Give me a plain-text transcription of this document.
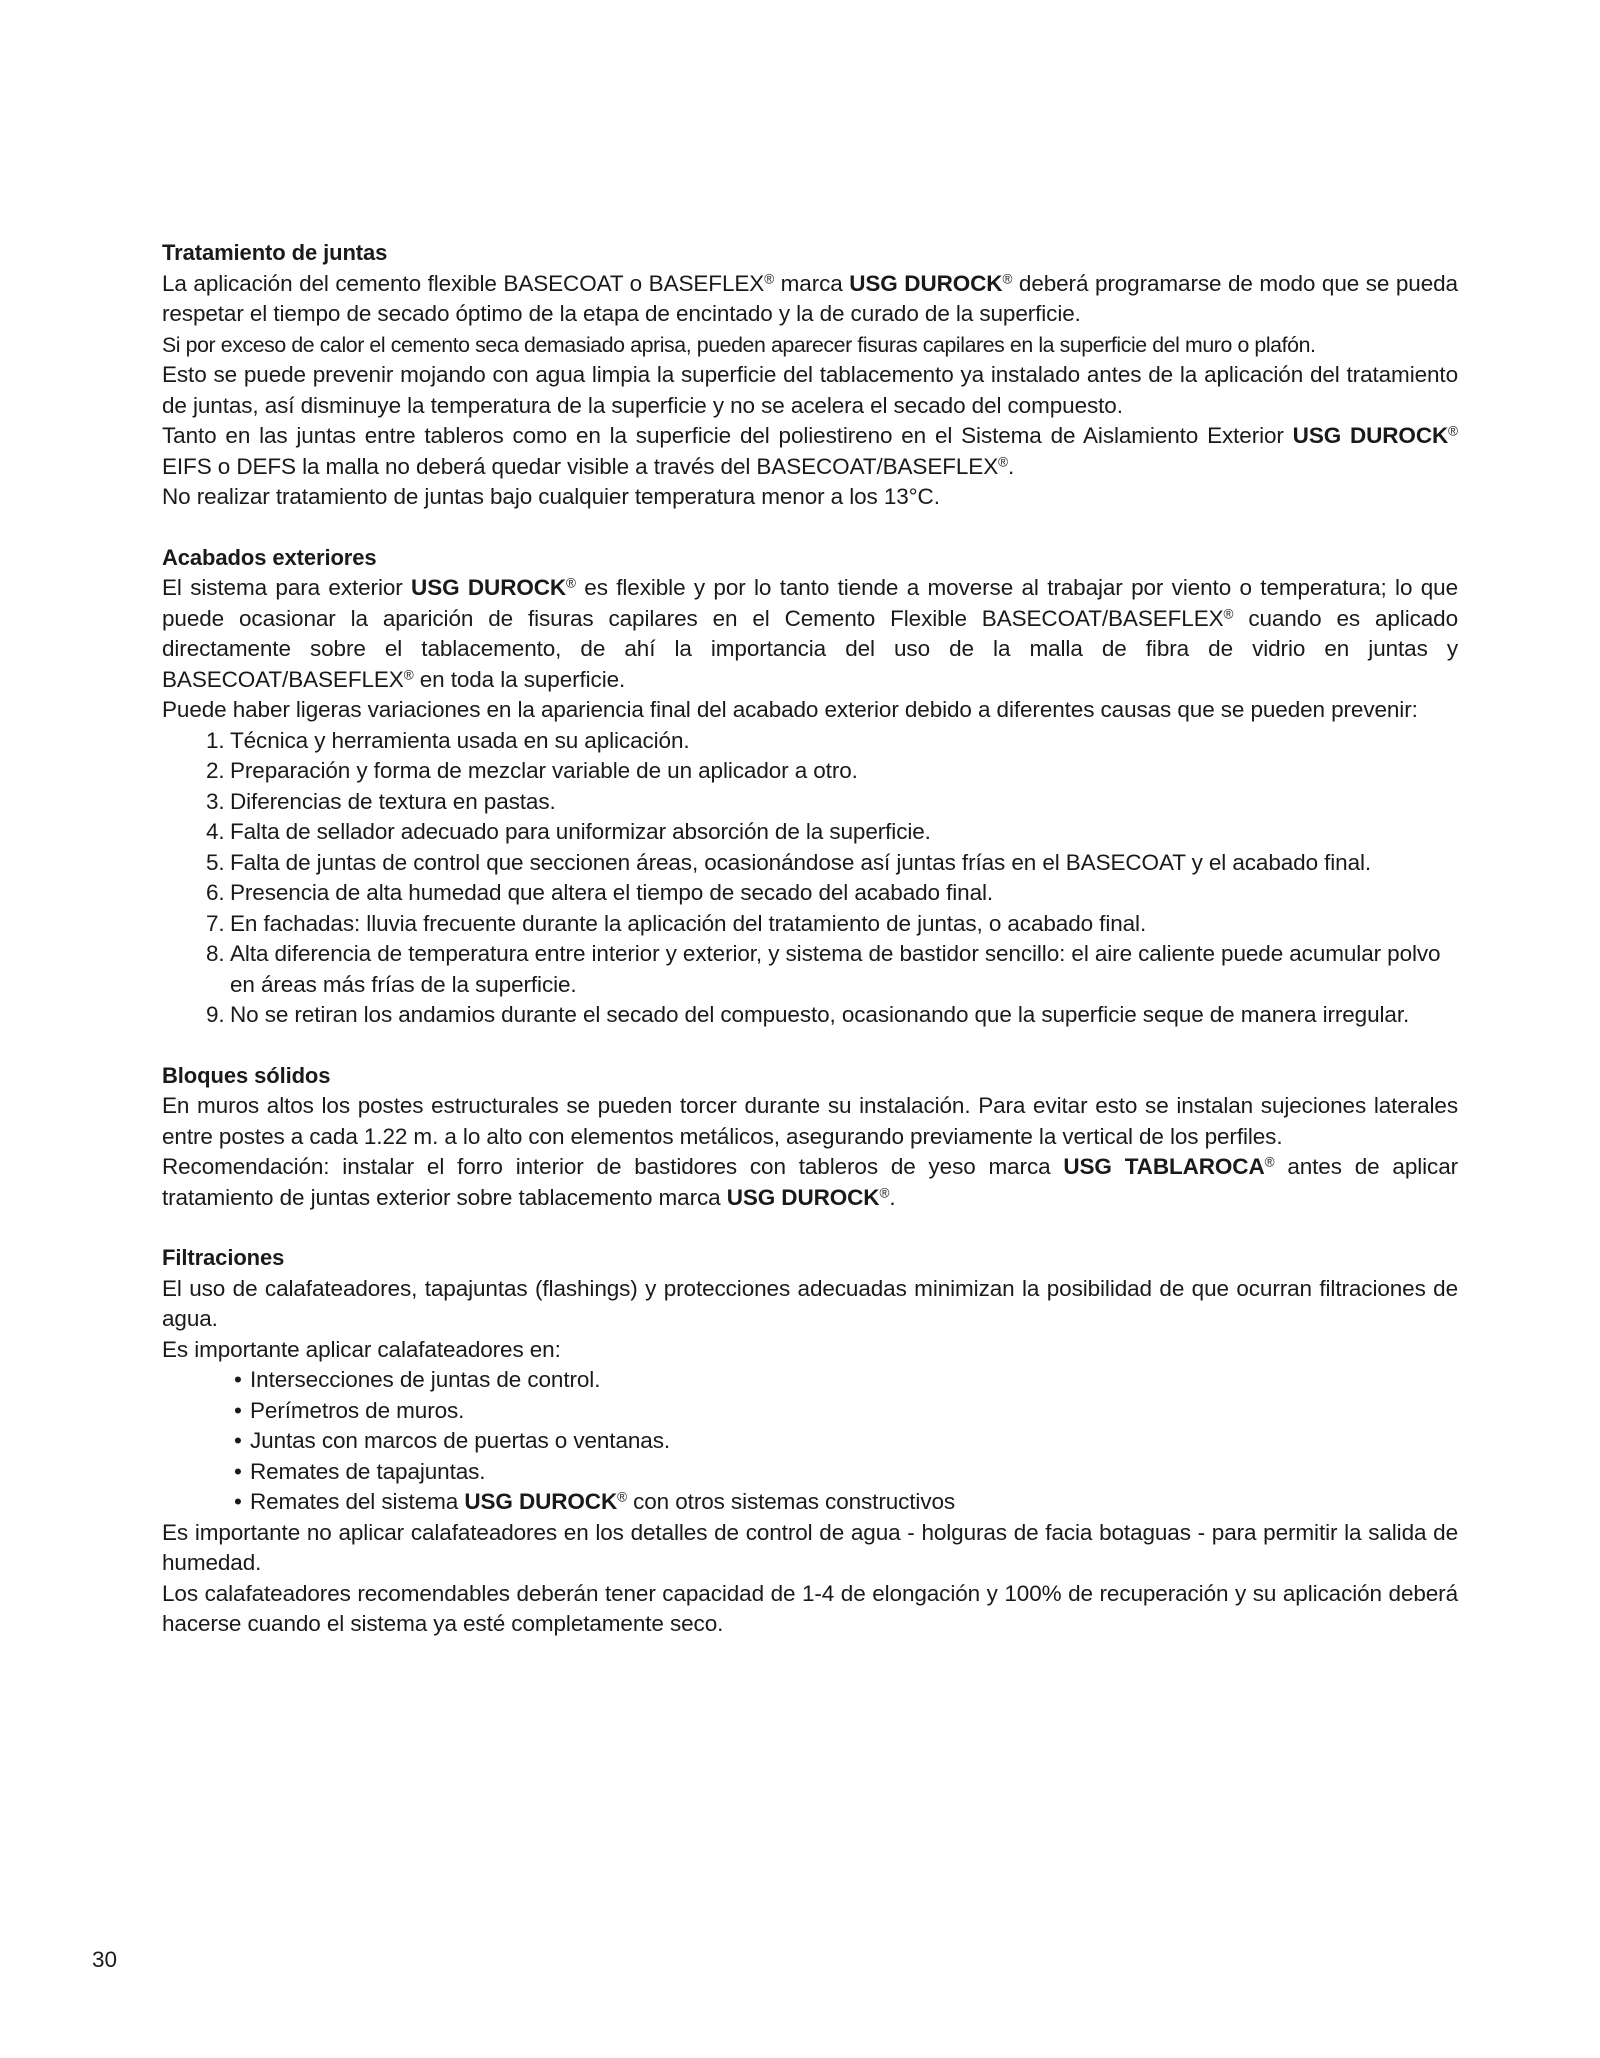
Tratamiento de juntas

La aplicación del cemento flexible BASECOAT o BASEFLEX® marca USG DUROCK® deberá programarse de modo que se pueda respetar el tiempo de secado óptimo de la etapa de encintado y la de curado de la superficie.

Si por exceso de calor el cemento seca demasiado aprisa, pueden aparecer fisuras capilares en la superficie del muro o plafón.

Esto se puede prevenir mojando con agua limpia la superficie del tablacemento ya instalado antes de la aplicación del tratamiento de juntas, así disminuye la temperatura de la superficie y no se acelera el secado del compuesto.

Tanto en las juntas entre tableros como en la superficie del poliestireno en el Sistema de Aislamiento Exterior USG DUROCK® EIFS o DEFS la malla no deberá quedar visible a través del BASECOAT/BASEFLEX®.

No realizar tratamiento de juntas bajo cualquier temperatura menor a los 13°C.

Acabados exteriores

El sistema para exterior USG DUROCK® es flexible y por lo tanto tiende a moverse al trabajar por viento o temperatura; lo que puede ocasionar la aparición de fisuras capilares en el Cemento Flexible BASECOAT/BASEFLEX® cuando es aplicado directamente sobre el tablacemento, de ahí la importancia del uso de la malla de fibra de vidrio en juntas y BASECOAT/BASEFLEX® en toda la superficie.

Puede haber ligeras variaciones en la apariencia final del acabado exterior debido a diferentes causas que se pueden prevenir:

1. Técnica y herramienta usada en su aplicación.
2. Preparación y forma de mezclar variable de un aplicador a otro.
3. Diferencias de textura en pastas.
4. Falta de sellador adecuado para uniformizar absorción de la superficie.
5. Falta de juntas de control que seccionen áreas, ocasionándose así juntas frías en el BASECOAT y el acabado final.
6. Presencia de alta humedad que altera el tiempo de secado del acabado final.
7. En fachadas: lluvia frecuente durante la aplicación del tratamiento de juntas, o acabado final.
8. Alta diferencia de temperatura entre interior y exterior, y sistema de bastidor sencillo: el aire caliente puede acumular polvo en áreas más frías de la superficie.
9. No se retiran los andamios durante el secado del compuesto, ocasionando que la superficie seque de manera irregular.
Bloques sólidos

En muros altos los postes estructurales se pueden torcer durante su instalación. Para evitar esto se instalan sujeciones laterales entre postes a cada 1.22 m. a lo alto con elementos metálicos, asegurando previamente la vertical de los perfiles.

Recomendación: instalar el forro interior de bastidores con tableros de yeso marca USG TABLAROCA® antes de aplicar tratamiento de juntas exterior sobre tablacemento marca USG DUROCK®.

Filtraciones

El uso de calafateadores, tapajuntas (flashings) y protecciones adecuadas minimizan la posibilidad de que ocurran filtraciones de agua.

Es importante aplicar calafateadores en:

• Intersecciones de juntas de control.
• Perímetros de muros.
• Juntas con marcos de puertas o ventanas.
• Remates de tapajuntas.
• Remates del sistema USG DUROCK® con otros sistemas constructivos

Es importante no aplicar calafateadores en los detalles de control de agua - holguras de facia botaguas - para permitir la salida de humedad.

Los calafateadores recomendables deberán tener capacidad de 1-4 de elongación y 100% de recuperación y su aplicación deberá hacerse cuando el sistema ya esté completamente seco.

30
